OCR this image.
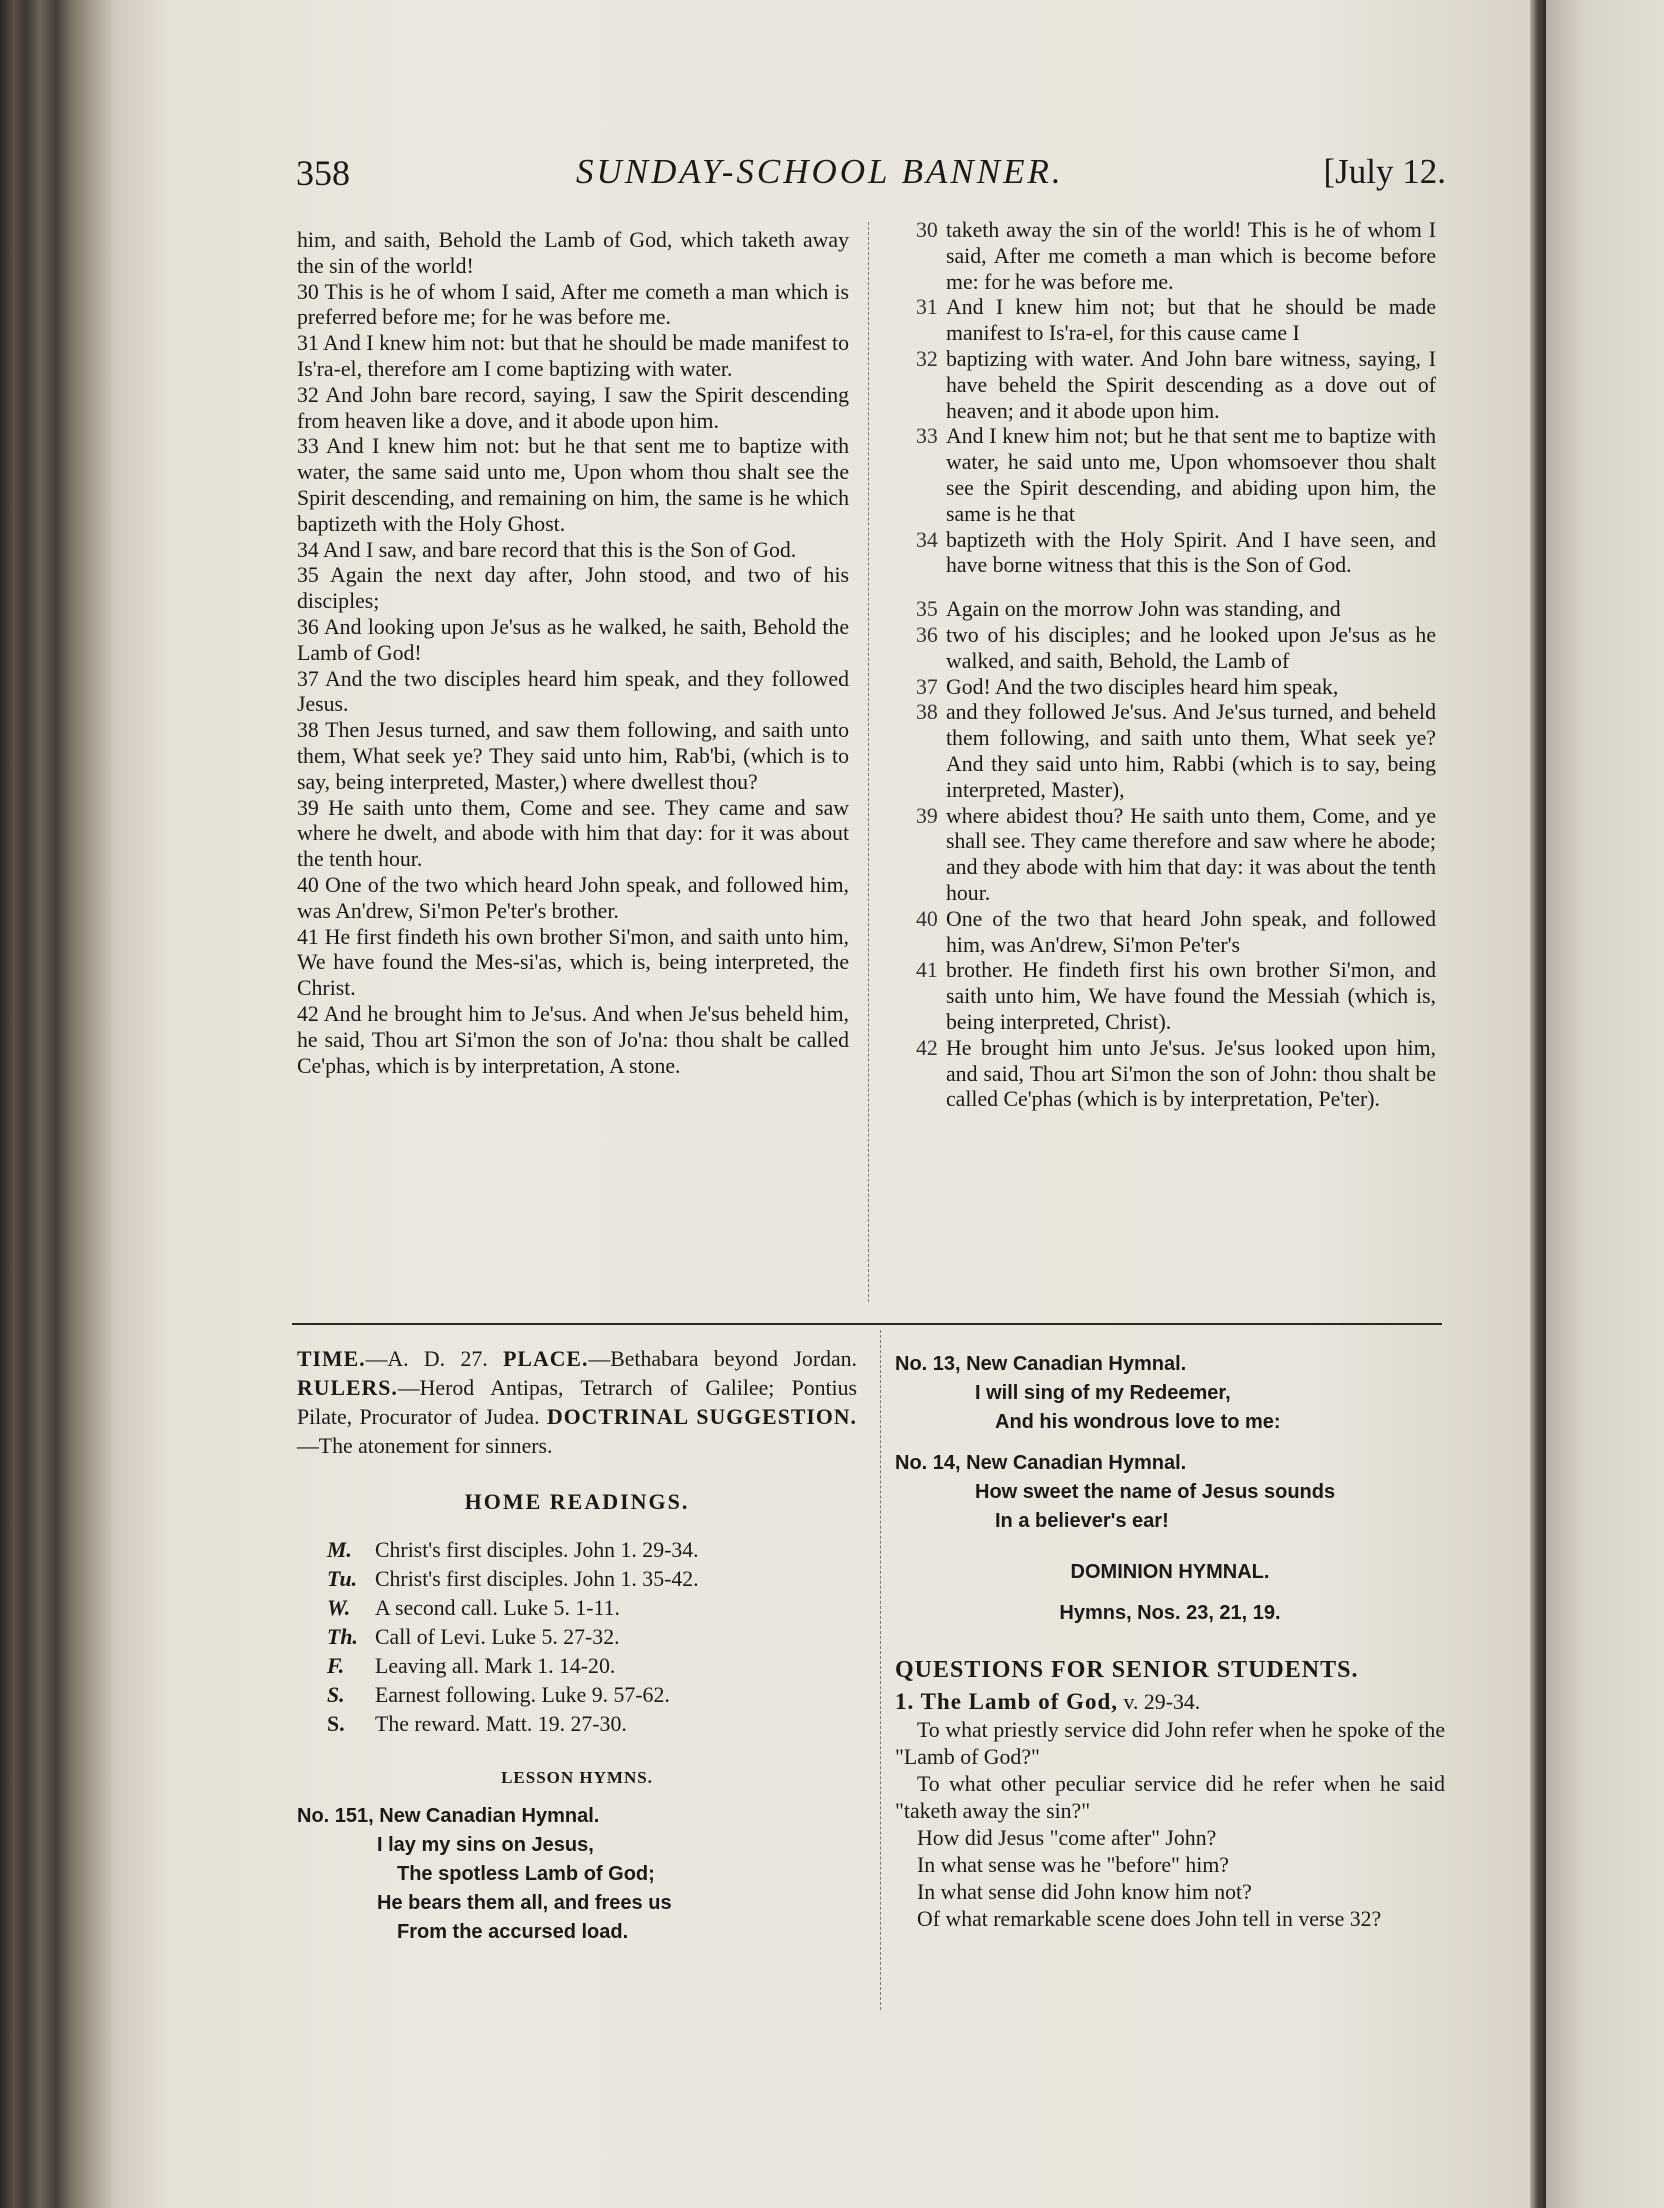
358	SUNDAY-SCHOOL BANNER.	[July 12.

him, and saith, Behold the Lamb of God, which taketh away the sin of the world!

30 This is he of whom I said, After me cometh a man which is preferred before me; for he was before me.

31 And I knew him not: but that he should be made manifest to Is'ra-el, therefore am I come baptizing with water.

32 And John bare record, saying, I saw the Spirit descending from heaven like a dove, and it abode upon him.

33 And I knew him not: but he that sent me to baptize with water, the same said unto me, Upon whom thou shalt see the Spirit descending, and remaining on him, the same is he which baptizeth with the Holy Ghost.

34 And I saw, and bare record that this is the Son of God.

35 Again the next day after, John stood, and two of his disciples;

36 And looking upon Je'sus as he walked, he saith, Behold the Lamb of God!

37 And the two disciples heard him speak, and they followed Jesus.

38 Then Jesus turned, and saw them following, and saith unto them, What seek ye? They said unto him, Rab'bi, (which is to say, being interpreted, Master,) where dwellest thou?

39 He saith unto them, Come and see. They came and saw where he dwelt, and abode with him that day: for it was about the tenth hour.

40 One of the two which heard John speak, and followed him, was An'drew, Si'mon Pe'ter's brother.

41 He first findeth his own brother Si'mon, and saith unto him, We have found the Mes-si'as, which is, being interpreted, the Christ.

42 And he brought him to Je'sus. And when Je'sus beheld him, he said, Thou art Si'mon the son of Jo'na: thou shalt be called Ce'phas, which is by interpretation, A stone.

30 taketh away the sin of the world! This is he of whom I said, After me cometh a man which is become before me: for he was before me.
31 And I knew him not; but that he should be made manifest to Is'ra-el, for this cause came I
32 baptizing with water. And John bare witness, saying, I have beheld the Spirit descending as a dove out of heaven; and it abode upon him.
33 And I knew him not; but he that sent me to baptize with water, he said unto me, Upon whomsoever thou shalt see the Spirit descending, and abiding upon him, the same is he that
34 baptizeth with the Holy Spirit. And I have seen, and have borne witness that this is the Son of God.
35 Again on the morrow John was standing, and
36 two of his disciples; and he looked upon Je'sus as he walked, and saith, Behold, the Lamb of
37 God! And the two disciples heard him speak,
38 and they followed Je'sus. And Je'sus turned, and beheld them following, and saith unto them, What seek ye? And they said unto him, Rabbi (which is to say, being interpreted, Master),
39 where abidest thou? He saith unto them, Come, and ye shall see. They came therefore and saw where he abode; and they abode with him that day: it was about the tenth hour.
40 One of the two that heard John speak, and followed him, was An'drew, Si'mon Pe'ter's
41 brother. He findeth first his own brother Si'mon, and saith unto him, We have found the Messiah (which is, being interpreted, Christ).
42 He brought him unto Je'sus. Je'sus looked upon him, and said, Thou art Si'mon the son of John: thou shalt be called Ce'phas (which is by interpretation, Pe'ter).
TIME.—A. D. 27. PLACE.—Bethabara beyond Jordan. RULERS.—Herod Antipas, Tetrarch of Galilee; Pontius Pilate, Procurator of Judea. DOCTRINAL SUGGESTION.—The atonement for sinners.
HOME READINGS.
M.	Christ's first disciples. John 1. 29-34.
Tu. Christ's first disciples. John 1. 35-42.
W.	A second call. Luke 5. 1-11.
Th. Call of Levi. Luke 5. 27-32.
F.	Leaving all. Mark 1. 14-20.
S.	Earnest following. Luke 9. 57-62.
S.	The reward. Matt. 19. 27-30.
LESSON HYMNS.
No. 151, New Canadian Hymnal.
I lay my sins on Jesus,
The spotless Lamb of God;
He bears them all, and frees us
From the accursed load.
No. 13, New Canadian Hymnal.
I will sing of my Redeemer,
And his wondrous love to me:
No. 14, New Canadian Hymnal.
How sweet the name of Jesus sounds
In a believer's ear!
DOMINION HYMNAL.
Hymns, Nos. 23, 21, 19.
QUESTIONS FOR SENIOR STUDENTS.
1. The Lamb of God, v. 29-34.

To what priestly service did John refer when he spoke of the "Lamb of God?"

To what other peculiar service did he refer when he said "taketh away the sin?"

How did Jesus "come after" John?

In what sense was he "before" him?

In what sense did John know him not?

Of what remarkable scene does John tell in verse 32?
